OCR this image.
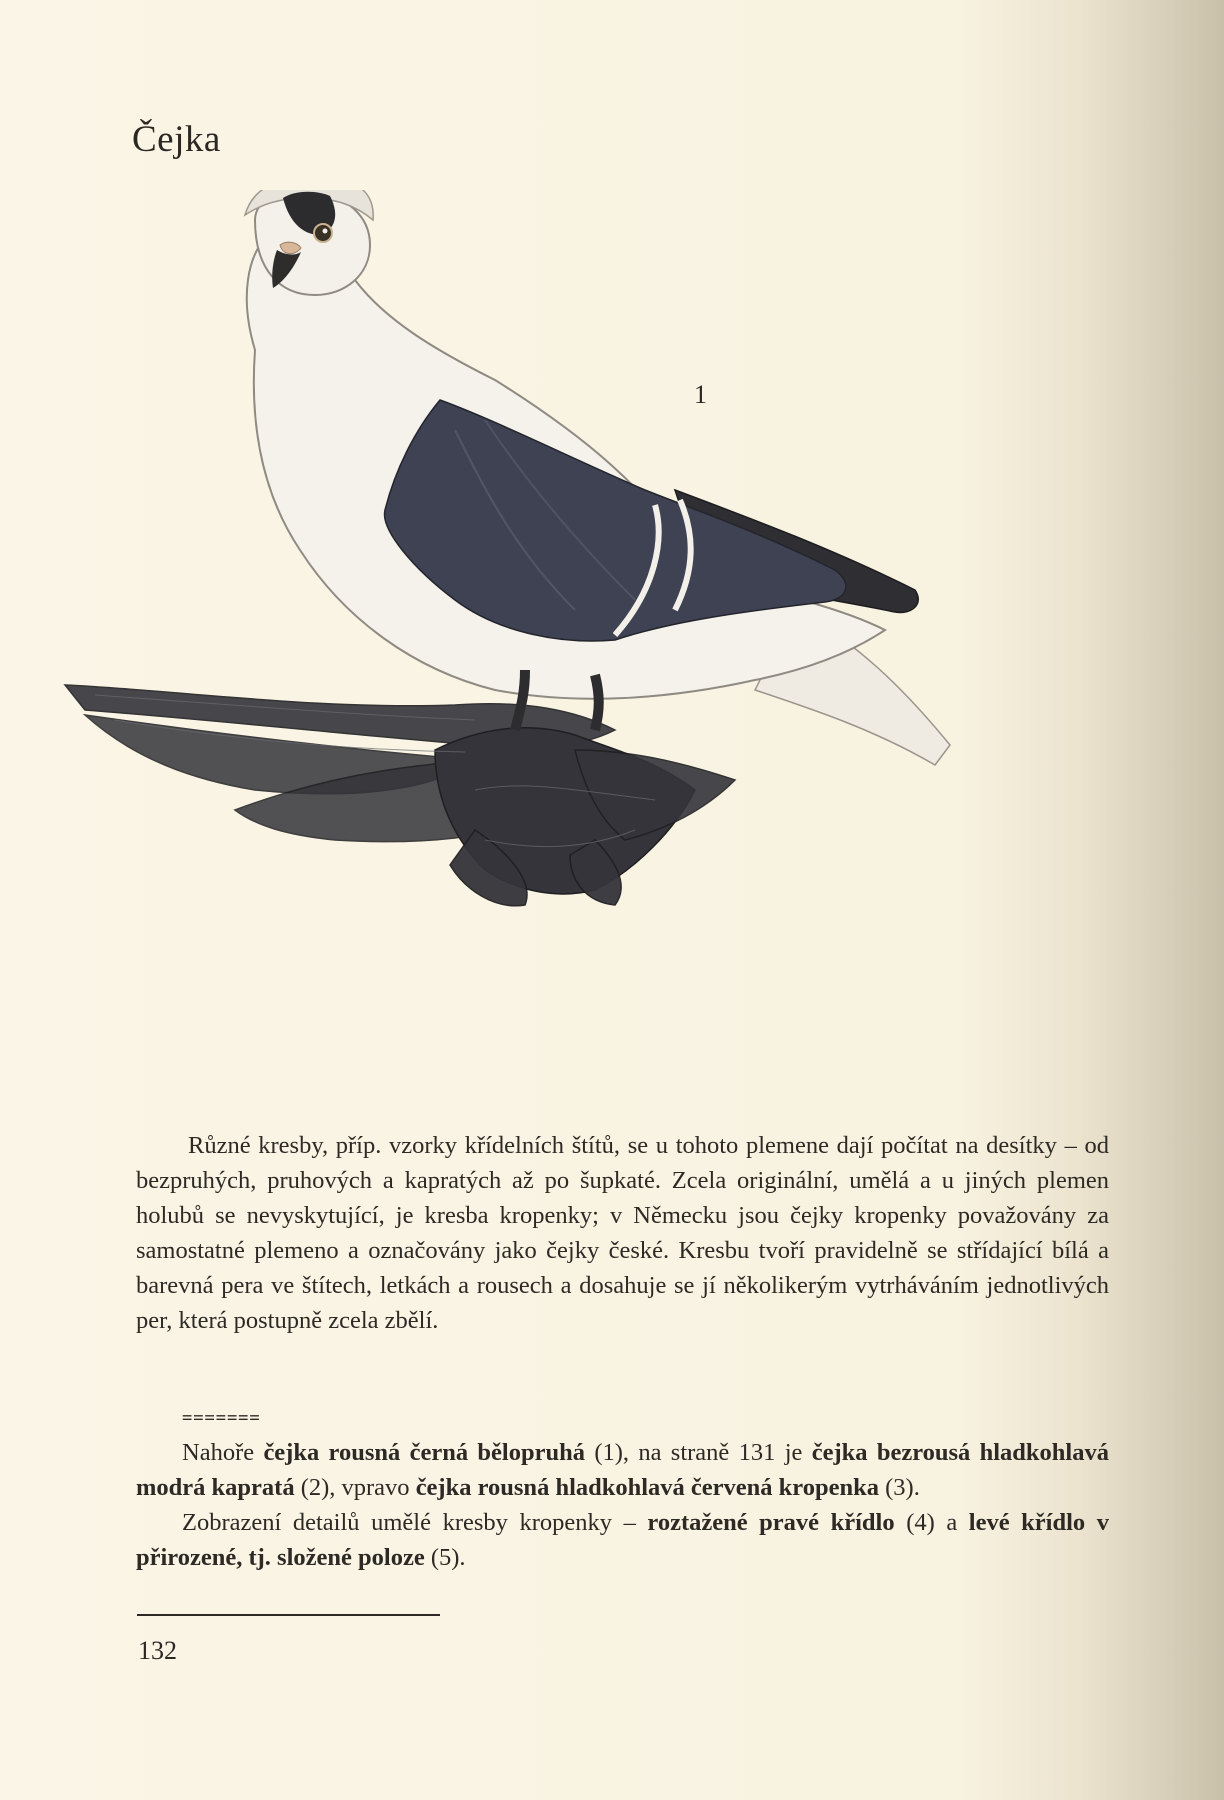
Čejka
1

Různé kresby, příp. vzorky křídelních štítů, se u tohoto plemene dají počítat na desítky – od bezpruhých, pruhových a kapratých až po šupkaté. Zcela originální, umělá a u jiných plemen holubů se nevyskytující, je kresba kropenky; v Německu jsou čejky kropenky považovány za samostatné plemeno a označovány jako čejky české. Kresbu tvoří pravidelně se střídající bílá a barevná pera ve štítech, letkách a rousech a dosahuje se jí několikerým vytrháváním jednotlivých per, která postupně zcela zbělí.

=======

Nahoře čejka rousná černá bělopruhá (1), na straně 131 je čejka bezrousá hladkohlavá modrá kapratá (2), vpravo čejka rousná hladkohlavá červená kropenka (3).

Zobrazení detailů umělé kresby kropenky – roztažené pravé křídlo (4) a levé křídlo v přirozené, tj. složené poloze (5).

132
